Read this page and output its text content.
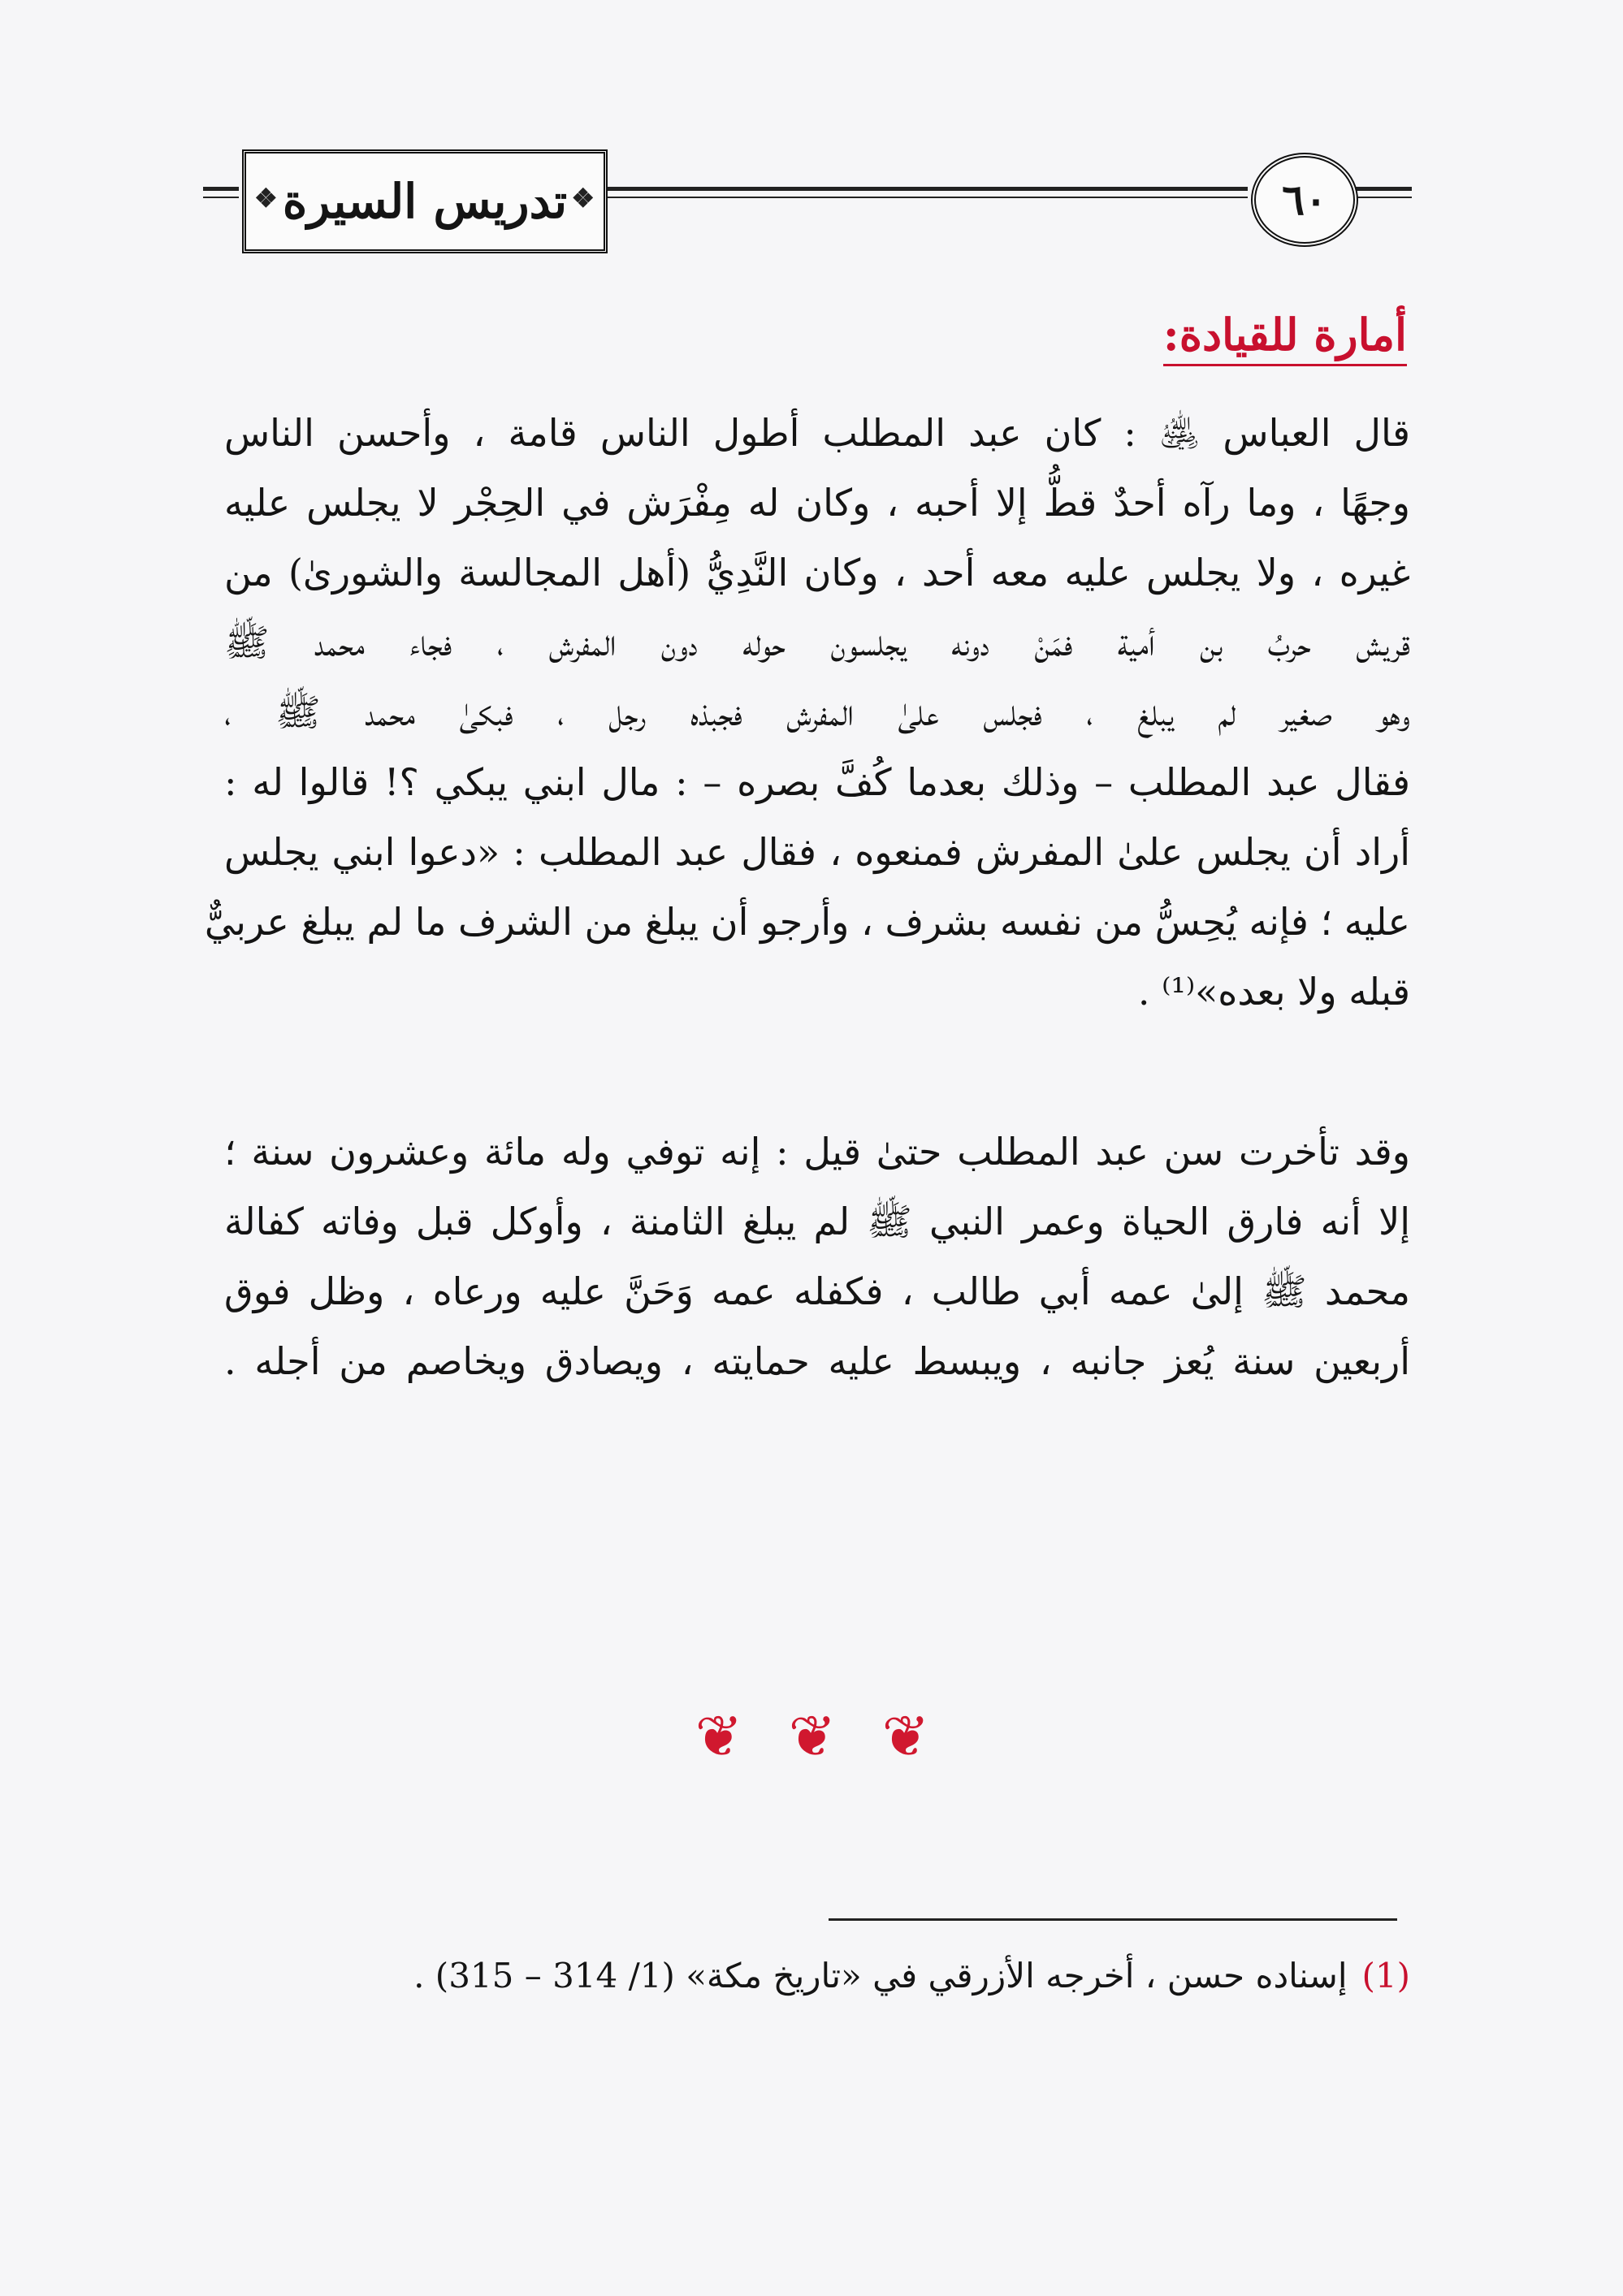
٦٠
❖ تدريس السيرة ❖
أمارة للقيادة:
قال العباس ﵁ : كان عبد المطلب أطول الناس قامة ، وأحسن الناس
وجهًا ، وما رآه أحدٌ قطُّ إلا أحبه ، وكان له مِفْرَش في الحِجْر لا يجلس عليه
غيره ، ولا يجلس عليه معه أحد ، وكان النَّدِيُّ (أهل المجالسة والشورىٰ) من
قريش حربُ بن أمية فمَنْ دونه يجلسون حوله دون المفرش ، فجاء محمد ﷺ
وهو صغير لم يبلغ ، فجلس علىٰ المفرش فجبذه رجل ، فبكىٰ محمد ﷺ ،
فقال عبد المطلب – وذلك بعدما كُفَّ بصره – : مال ابني يبكي ؟! قالوا له :
أراد أن يجلس علىٰ المفرش فمنعوه ، فقال عبد المطلب : «دعوا ابني يجلس
عليه ؛ فإنه يُحِسُّ من نفسه بشرف ، وأرجو أن يبلغ من الشرف ما لم يبلغ عربيٌّ
قبله ولا بعده»⁽¹⁾ .
وقد تأخرت سن عبد المطلب حتىٰ قيل : إنه توفي وله مائة وعشرون سنة ؛
إلا أنه فارق الحياة وعمر النبي ﷺ لم يبلغ الثامنة ، وأوكل قبل وفاته كفالة
محمد ﷺ إلىٰ عمه أبي طالب ، فكفله عمه وَحَنَّ عليه ورعاه ، وظل فوق
أربعين سنة يُعز جانبه ، ويبسط عليه حمايته ، ويصادق ويخاصم من أجله .
❦ ❦ ❦
(1)إسناده حسن ، أخرجه الأزرقي في «تاريخ مكة» (1/ 314 – 315) .
